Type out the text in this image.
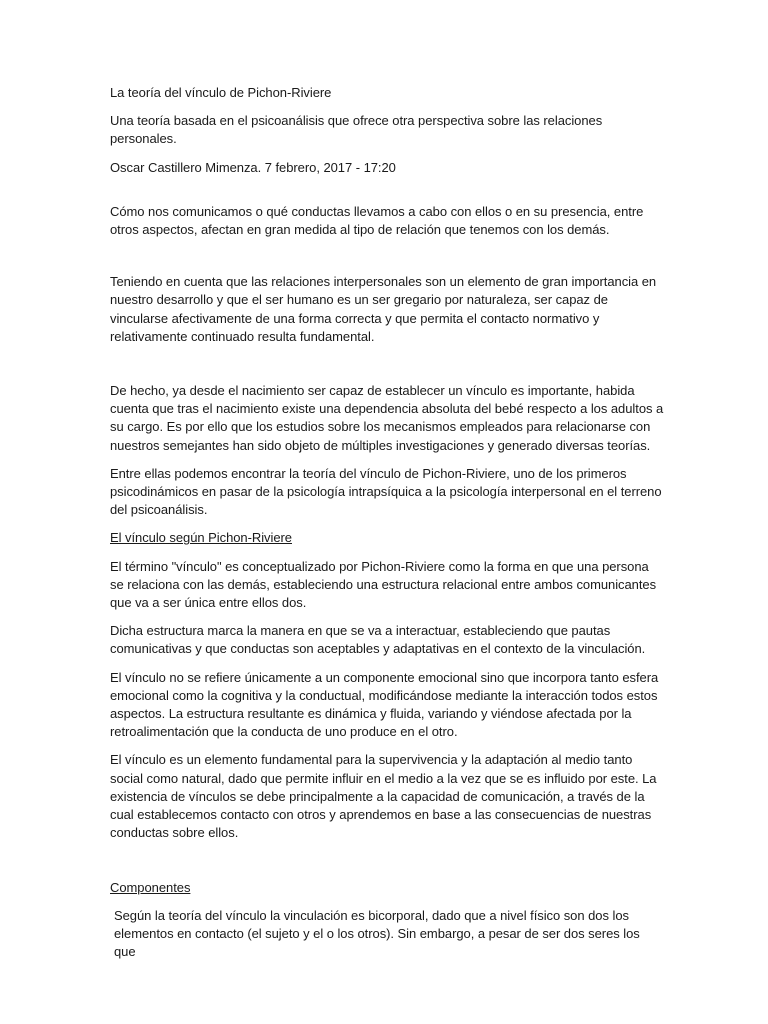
La teoría del vínculo de Pichon-Riviere

Una teoría basada en el psicoanálisis que ofrece otra perspectiva sobre las relaciones personales.

Oscar Castillero Mimenza. 7 febrero, 2017 - 17:20

Cómo nos comunicamos o qué conductas llevamos a cabo con ellos o en su presencia, entre otros aspectos, afectan en gran medida al tipo de relación que tenemos con los demás.

Teniendo en cuenta que las relaciones interpersonales son un elemento de gran importancia en nuestro desarrollo y que el ser humano es un ser gregario por naturaleza, ser capaz de vincularse afectivamente de una forma correcta y que permita el contacto normativo y relativamente continuado resulta fundamental.

De hecho, ya desde el nacimiento ser capaz de establecer un vínculo es importante, habida cuenta que tras el nacimiento existe una dependencia absoluta del bebé respecto a los adultos a su cargo. Es por ello que los estudios sobre los mecanismos empleados para relacionarse con nuestros semejantes han sido objeto de múltiples investigaciones y generado diversas teorías.

Entre ellas podemos encontrar la teoría del vínculo de Pichon-Riviere, uno de los primeros psicodinámicos en pasar de la psicología intrapsíquica a la psicología interpersonal en el terreno del psicoanálisis.

El vínculo según Pichon-Riviere

El término "vínculo" es conceptualizado por Pichon-Riviere como la forma en que una persona se relaciona con las demás, estableciendo una estructura relacional entre ambos comunicantes que va a ser única entre ellos dos.

Dicha estructura marca la manera en que se va a interactuar, estableciendo que pautas comunicativas y que conductas son aceptables y adaptativas en el contexto de la vinculación.

El vínculo no se refiere únicamente a un componente emocional sino que incorpora tanto esfera emocional como la cognitiva y la conductual, modificándose mediante la interacción todos estos aspectos. La estructura resultante es dinámica y fluida, variando y viéndose afectada por la retroalimentación que la conducta de uno produce en el otro.

El vínculo es un elemento fundamental para la supervivencia y la adaptación al medio tanto social como natural, dado que permite influir en el medio a la vez que se es influido por este. La existencia de vínculos se debe principalmente a la capacidad de comunicación, a través de la cual establecemos contacto con otros y aprendemos en base a las consecuencias de nuestras conductas sobre ellos.

Componentes

Según la teoría del vínculo la vinculación es bicorporal, dado que a nivel físico son dos los elementos en contacto (el sujeto y el o los otros). Sin embargo, a pesar de ser dos seres los que
